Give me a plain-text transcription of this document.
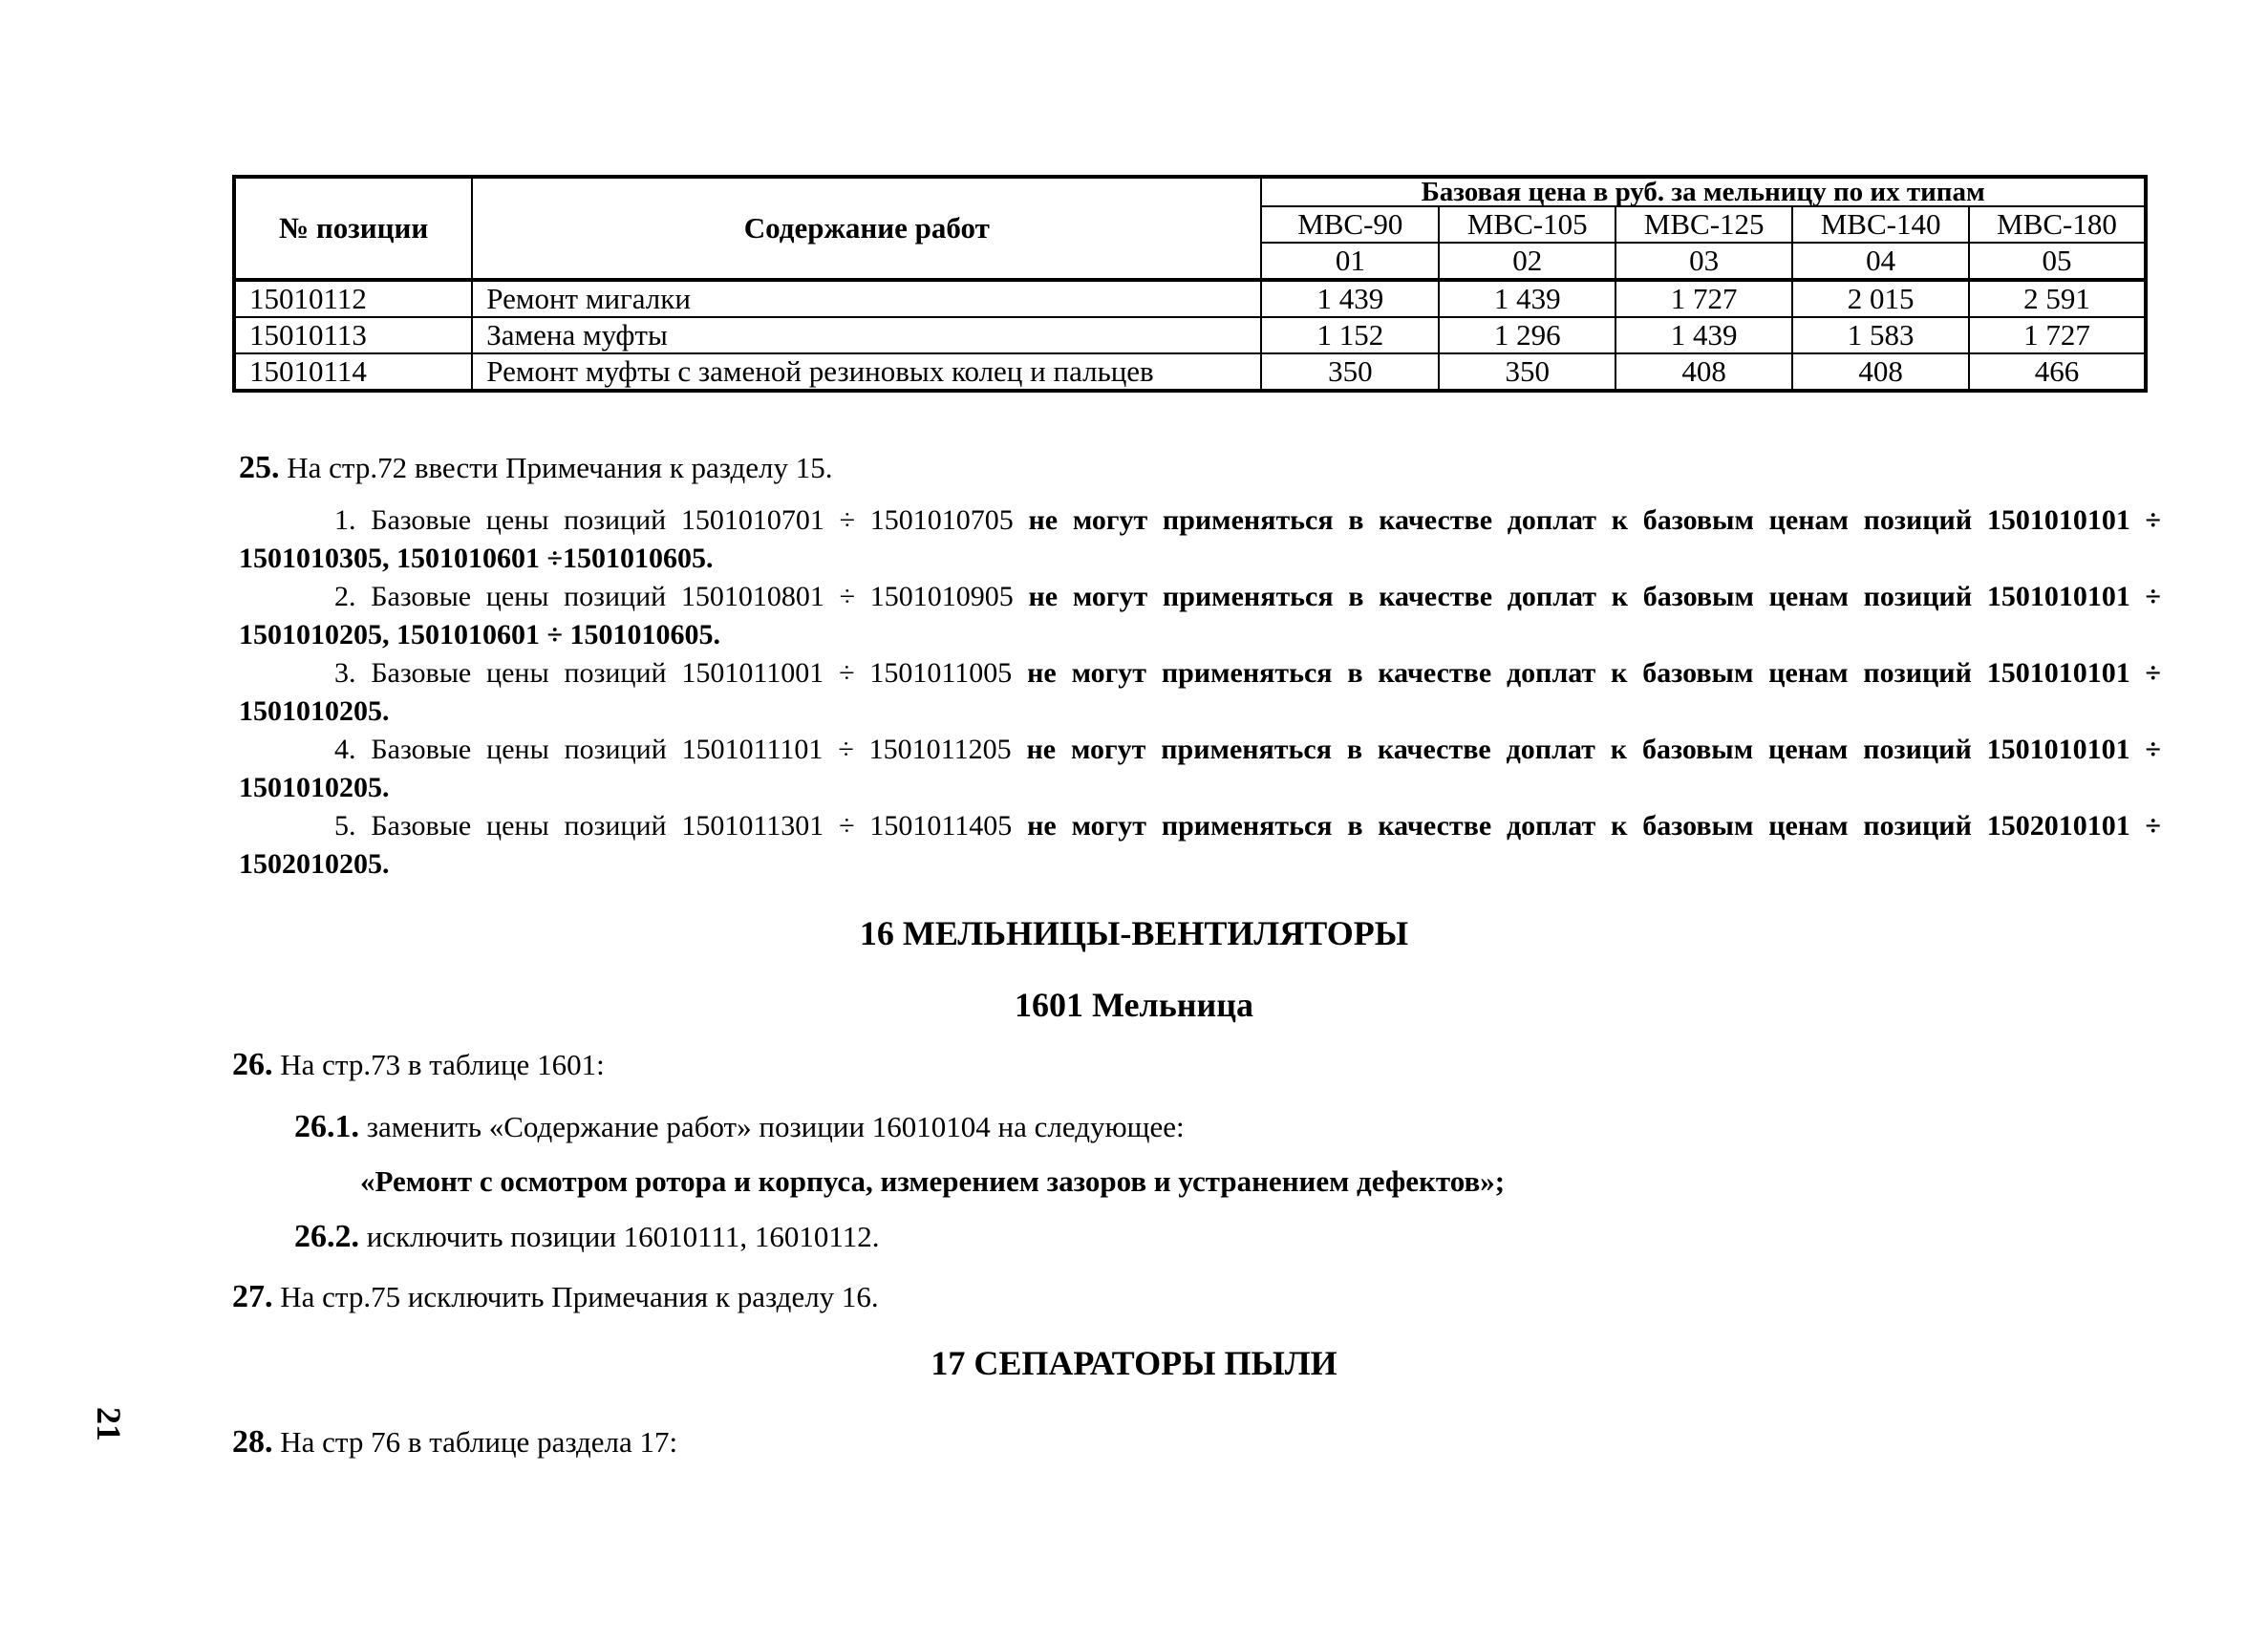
№ позиции	Содержание работ	Базовая цена в руб. за мельницу по их типам				
		МВС-90	МВС-105	МВС-125	МВС-140	МВС-180
		01	02	03	04	05
15010112	Ремонт мигалки	1 439	1 439	1 727	2 015	2 591
15010113	Замена муфты	1 152	1 296	1 439	1 583	1 727
15010114	Ремонт муфты с заменой резиновых колец и пальцев	350	350	408	408	466
25. На стр.72 ввести Примечания к разделу 15.
1. Базовые цены позиций 1501010701 ÷ 1501010705 не могут применяться в качестве доплат к базовым ценам позиций 1501010101 ÷ 1501010305, 1501010601 ÷1501010605.
2. Базовые цены позиций 1501010801 ÷ 1501010905 не могут применяться в качестве доплат к базовым ценам позиций 1501010101 ÷ 1501010205, 1501010601 ÷ 1501010605.
3. Базовые цены позиций 1501011001 ÷ 1501011005 не могут применяться в качестве доплат к базовым ценам позиций 1501010101 ÷ 1501010205.
4. Базовые цены позиций 1501011101 ÷ 1501011205 не могут применяться в качестве доплат к базовым ценам позиций 1501010101 ÷ 1501010205.
5. Базовые цены позиций 1501011301 ÷ 1501011405 не могут применяться в качестве доплат к базовым ценам позиций 1502010101 ÷ 1502010205.
16 МЕЛЬНИЦЫ-ВЕНТИЛЯТОРЫ
1601 Мельница
26. На стр.73 в таблице 1601:
26.1. заменить «Содержание работ» позиции 16010104 на следующее:
«Ремонт с осмотром ротора и корпуса, измерением зазоров и устранением дефектов»;
26.2. исключить позиции 16010111, 16010112.
27. На стр.75 исключить Примечания к разделу 16.
17 СЕПАРАТОРЫ ПЫЛИ
28. На стр 76 в таблице раздела 17:
21
